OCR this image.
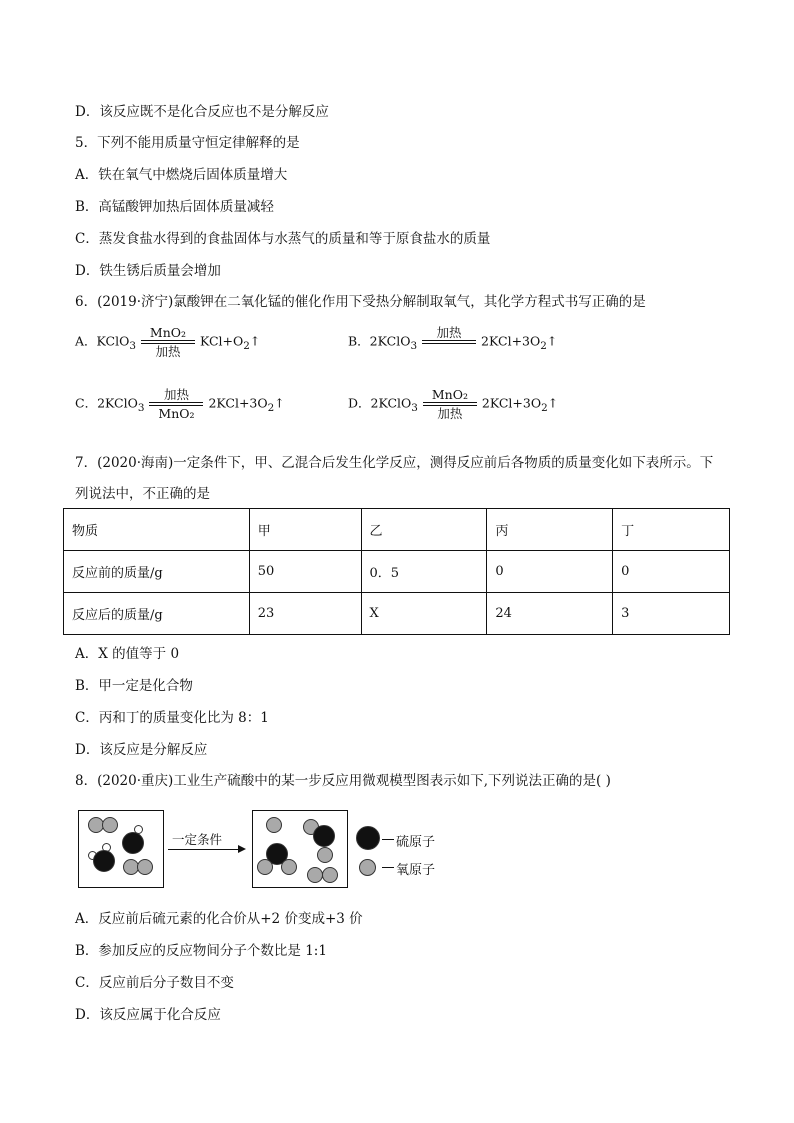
D．该反应既不是化合反应也不是分解反应
5．下列不能用质量守恒定律解释的是
A．铁在氧气中燃烧后固体质量增大
B．高锰酸钾加热后固体质量减轻
C．蒸发食盐水得到的食盐固体与水蒸气的质量和等于原食盐水的质量
D．铁生锈后质量会增加
6．(2019·济宁)氯酸钾在二氧化锰的催化作用下受热分解制取氧气，其化学方程式书写正确的是
A．KClO$_3$
MnO₂
加热
$KCl+O_2↑$	B．2KClO$_3$
加热
$2KCl+3O_2↑$
C．2KClO$_3$
加热
MnO₂
$2KCl+3O_2↑$	D．2KClO$_3$
MnO₂
加热
$2KCl+3O_2↑$
7．(2020·海南)一定条件下，甲、乙混合后发生化学反应，测得反应前后各物质的质量变化如下表所示。下
列说法中，不正确的是
物质	甲	乙	丙	丁
反应前的质量/g	50	0．5	0	0
反应后的质量/g	23	X	24	3
A．X 的值等于 0
B．甲一定是化合物
C．丙和丁的质量变化比为 8：1
D．该反应是分解反应
8．(2020·重庆)工业生产硫酸中的某一步反应用微观模型图表示如下,下列说法正确的是( )
一定条件	硫原子
氧原子
A．反应前后硫元素的化合价从+2 价变成+3 价
B．参加反应的反应物间分子个数比是 1:1
C．反应前后分子数目不变
D．该反应属于化合反应
